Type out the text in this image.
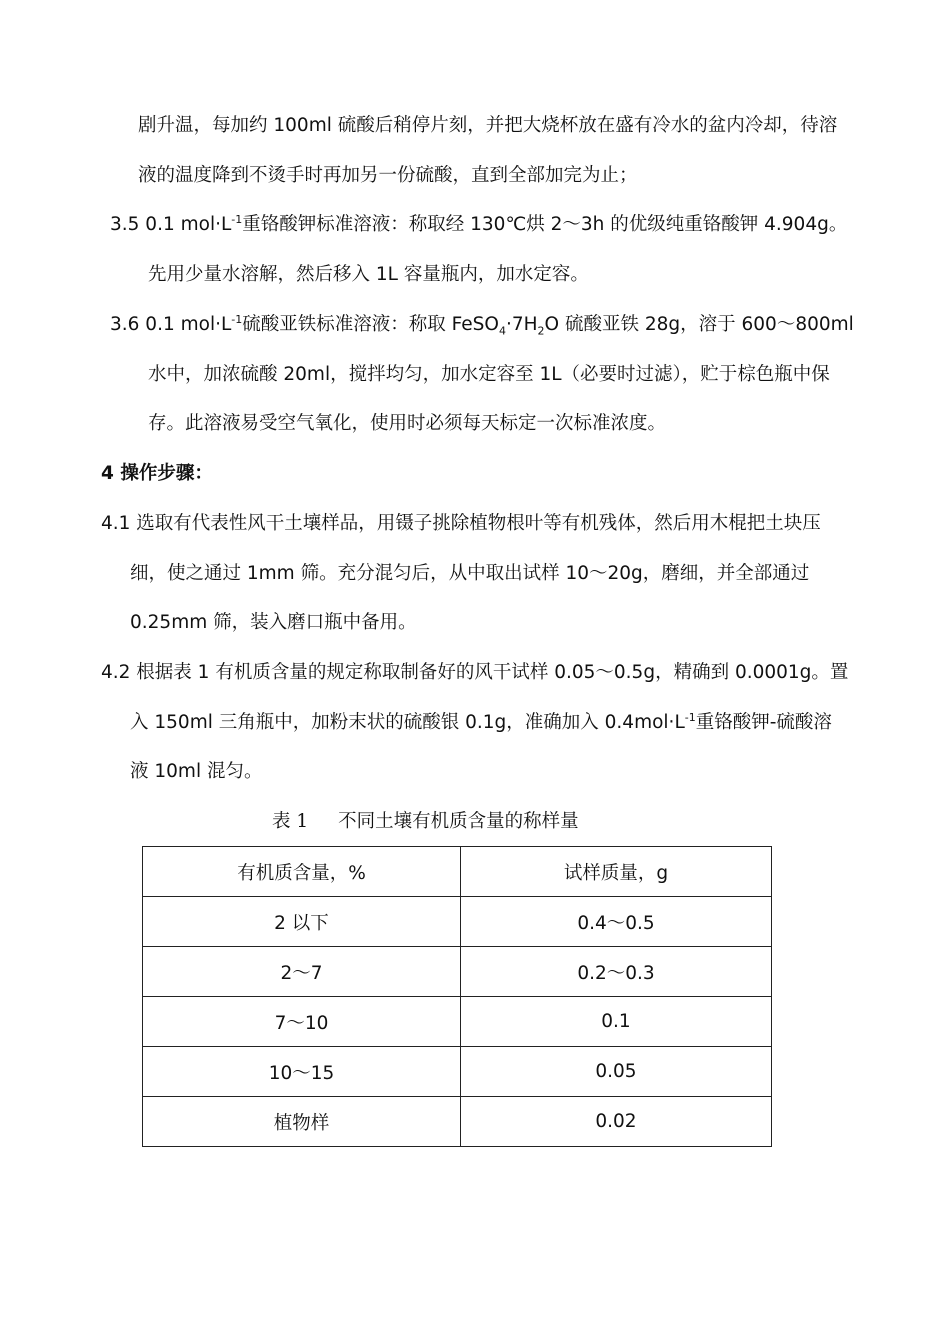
剧升温，每加约 100ml 硫酸后稍停片刻，并把大烧杯放在盛有冷水的盆内冷却，待溶
液的温度降到不烫手时再加另一份硫酸，直到全部加完为止；
3.5 0.1 $mol\cdot L^{-1}$重铬酸钾标准溶液：称取经 130℃烘 2～3h 的优级纯重铬酸钾 4.904g。
先用少量水溶解，然后移入 1L 容量瓶内，加水定容。
3.6 0.1 $mol\cdot L^{-1}$硫酸亚铁标准溶液：称取 $FeSO_4\cdot 7H_2O$ 硫酸亚铁 28g，溶于 600～800ml
水中，加浓硫酸 20ml，搅拌均匀，加水定容至 1L（必要时过滤），贮于棕色瓶中保
存。此溶液易受空气氧化，使用时必须每天标定一次标准浓度。
4 操作步骤：
4.1 选取有代表性风干土壤样品，用镊子挑除植物根叶等有机残体，然后用木棍把土块压
细，使之通过 1mm 筛。充分混匀后，从中取出试样 10～20g，磨细，并全部通过
0.25mm 筛，装入磨口瓶中备用。
4.2 根据表 1 有机质含量的规定称取制备好的风干试样 0.05～0.5g，精确到 0.0001g。置
入 150ml 三角瓶中，加粉末状的硫酸银 0.1g，准确加入 $0.4mol\cdot L^{-1}$重铬酸钾-硫酸溶
液 10ml 混匀。
表 1 不同土壤有机质含量的称样量
有机质含量，%	试样质量，g
2 以下	0.4～0.5
2～7	0.2～0.3
7～10	0.1
10～15	0.05
植物样	0.02
